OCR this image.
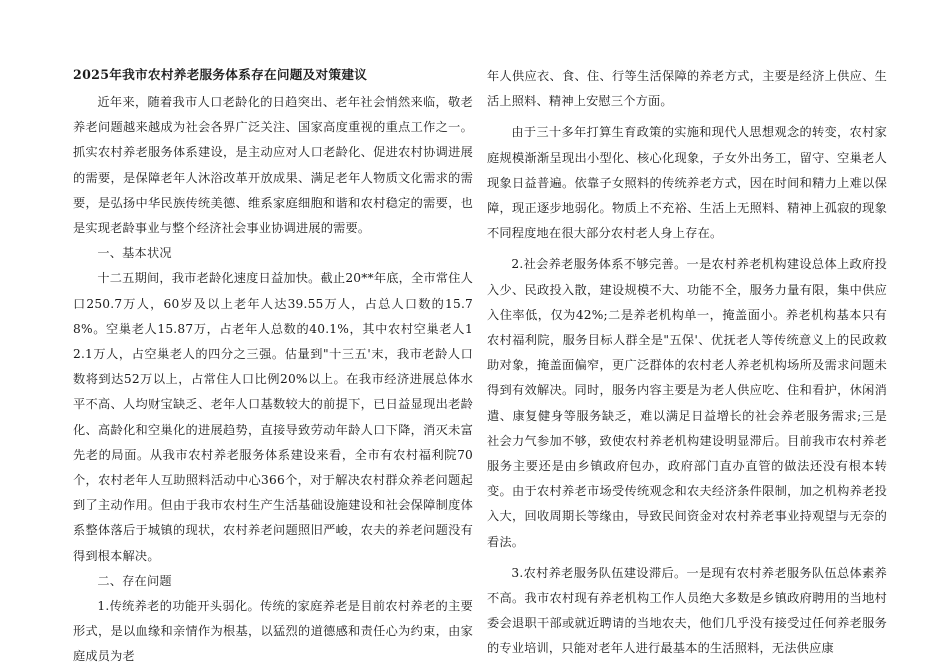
2025年我市农村养老服务体系存在问题及对策建议

近年来，随着我市人口老龄化的日趋突出、老年社会悄然来临，敬老养老问题越来越成为社会各界广泛关注、国家高度重视的重点工作之一。抓实农村养老服务体系建设，是主动应对人口老龄化、促进农村协调进展的需要，是保障老年人沐浴改革开放成果、满足老年人物质文化需求的需要，是弘扬中华民族传统美德、维系家庭细胞和谐和农村稳定的需要，也是实现老龄事业与整个经济社会事业协调进展的需要。

一、基本状况

十二五期间，我市老龄化速度日益加快。截止20**年底，全市常住人口250.7万人，60岁及以上老年人达39.55万人，占总人口数的15.78%。空巢老人15.87万，占老年人总数的40.1%，其中农村空巢老人12.1万人，占空巢老人的四分之三强。估量到"十三五'末，我市老龄人口数将到达52万以上，占常住人口比例20%以上。在我市经济进展总体水平不高、人均财宝缺乏、老年人口基数较大的前提下，已日益显现出老龄化、高龄化和空巢化的进展趋势，直接导致劳动年龄人口下降，消灭未富先老的局面。从我市农村养老服务体系建设来看，全市有农村福利院70个，农村老年人互助照料活动中心366个，对于解决农村群众养老问题起到了主动作用。但由于我市农村生产生活基础设施建设和社会保障制度体系整体落后于城镇的现状，农村养老问题照旧严峻，农夫的养老问题没有得到根本解决。

二、存在问题

1.传统养老的功能开头弱化。传统的家庭养老是目前农村养老的主要形式，是以血缘和亲情作为根基，以猛烈的道德感和责任心为约束，由家庭成员为老

年人供应衣、食、住、行等生活保障的养老方式，主要是经济上供应、生活上照料、精神上安慰三个方面。

由于三十多年打算生育政策的实施和现代人思想观念的转变，农村家庭规模渐渐呈现出小型化、核心化现象，子女外出务工，留守、空巢老人现象日益普遍。依靠子女照料的传统养老方式，因在时间和精力上难以保障，现正逐步地弱化。物质上不充裕、生活上无照料、精神上孤寂的现象不同程度地在很大部分农村老人身上存在。

2.社会养老服务体系不够完善。一是农村养老机构建设总体上政府投入少、民政投入散，建设规模不大、功能不全，服务力量有限，集中供应入住率低，仅为42%;二是养老机构单一，掩盖面小。养老机构基本只有农村福利院，服务目标人群全是"五保'、优抚老人等传统意义上的民政救助对象，掩盖面偏窄，更广泛群体的农村老人养老机构场所及需求问题未得到有效解决。同时，服务内容主要是为老人供应吃、住和看护，休闲消遣、康复健身等服务缺乏，难以满足日益增长的社会养老服务需求;三是社会力气参加不够，致使农村养老机构建设明显滞后。目前我市农村养老服务主要还是由乡镇政府包办，政府部门直办直管的做法还没有根本转变。由于农村养老市场受传统观念和农夫经济条件限制，加之机构养老投入大，回收周期长等缘由，导致民间资金对农村养老事业持观望与无奈的看法。

3.农村养老服务队伍建设滞后。一是现有农村养老服务队伍总体素养不高。我市农村现有养老机构工作人员绝大多数是乡镇政府聘用的当地村委会退职干部或就近聘请的当地农夫，他们几乎没有接受过任何养老服务的专业培训，只能对老年人进行最基本的生活照料，无法供应康
